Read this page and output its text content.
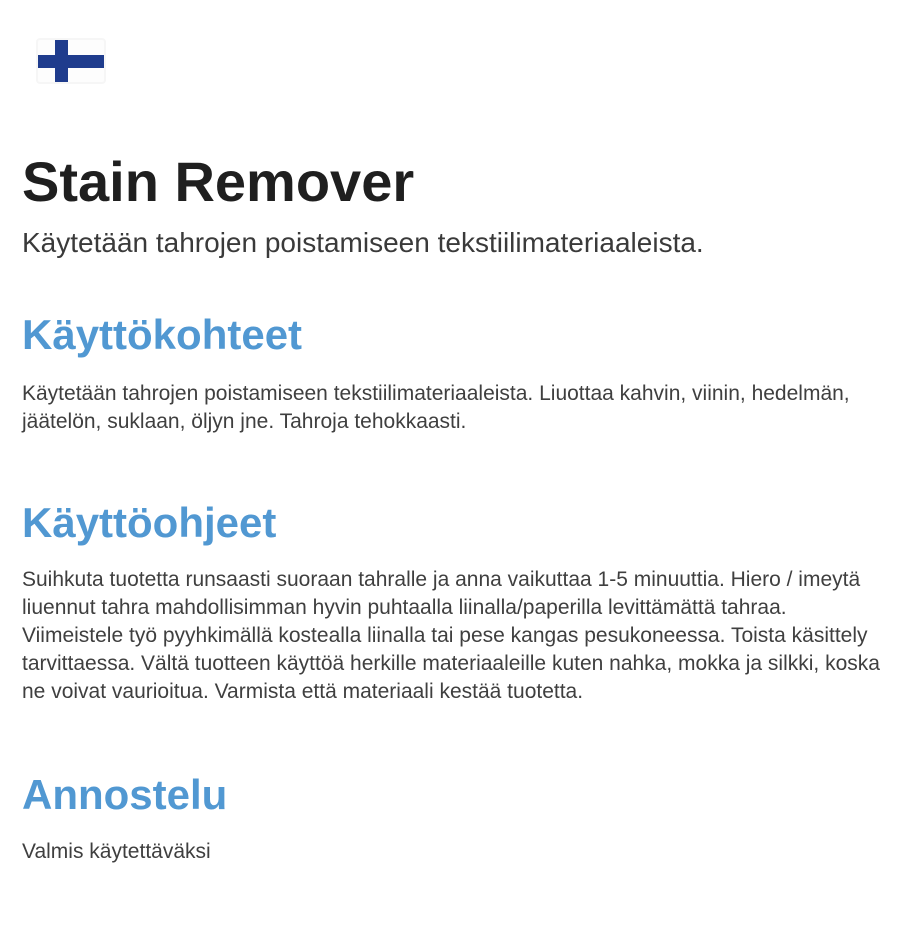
Stain Remover

Käytetään tahrojen poistamiseen tekstiilimateriaaleista.

Käyttökohteet

Käytetään tahrojen poistamiseen tekstiilimateriaaleista. Liuottaa kahvin, viinin, hedelmän, jäätelön, suklaan, öljyn jne. Tahroja tehokkaasti.

Käyttöohjeet

Suihkuta tuotetta runsaasti suoraan tahralle ja anna vaikuttaa 1-5 minuuttia. Hiero / imeytä liuennut tahra mahdollisimman hyvin puhtaalla liinalla/paperilla levittämättä tahraa. Viimeistele työ pyyhkimällä kostealla liinalla tai pese kangas pesukoneessa. Toista käsittely tarvittaessa. Vältä tuotteen käyttöä herkille materiaaleille kuten nahka, mokka ja silkki, koska ne voivat vaurioitua. Varmista että materiaali kestää tuotetta.

Annostelu

Valmis käytettäväksi
